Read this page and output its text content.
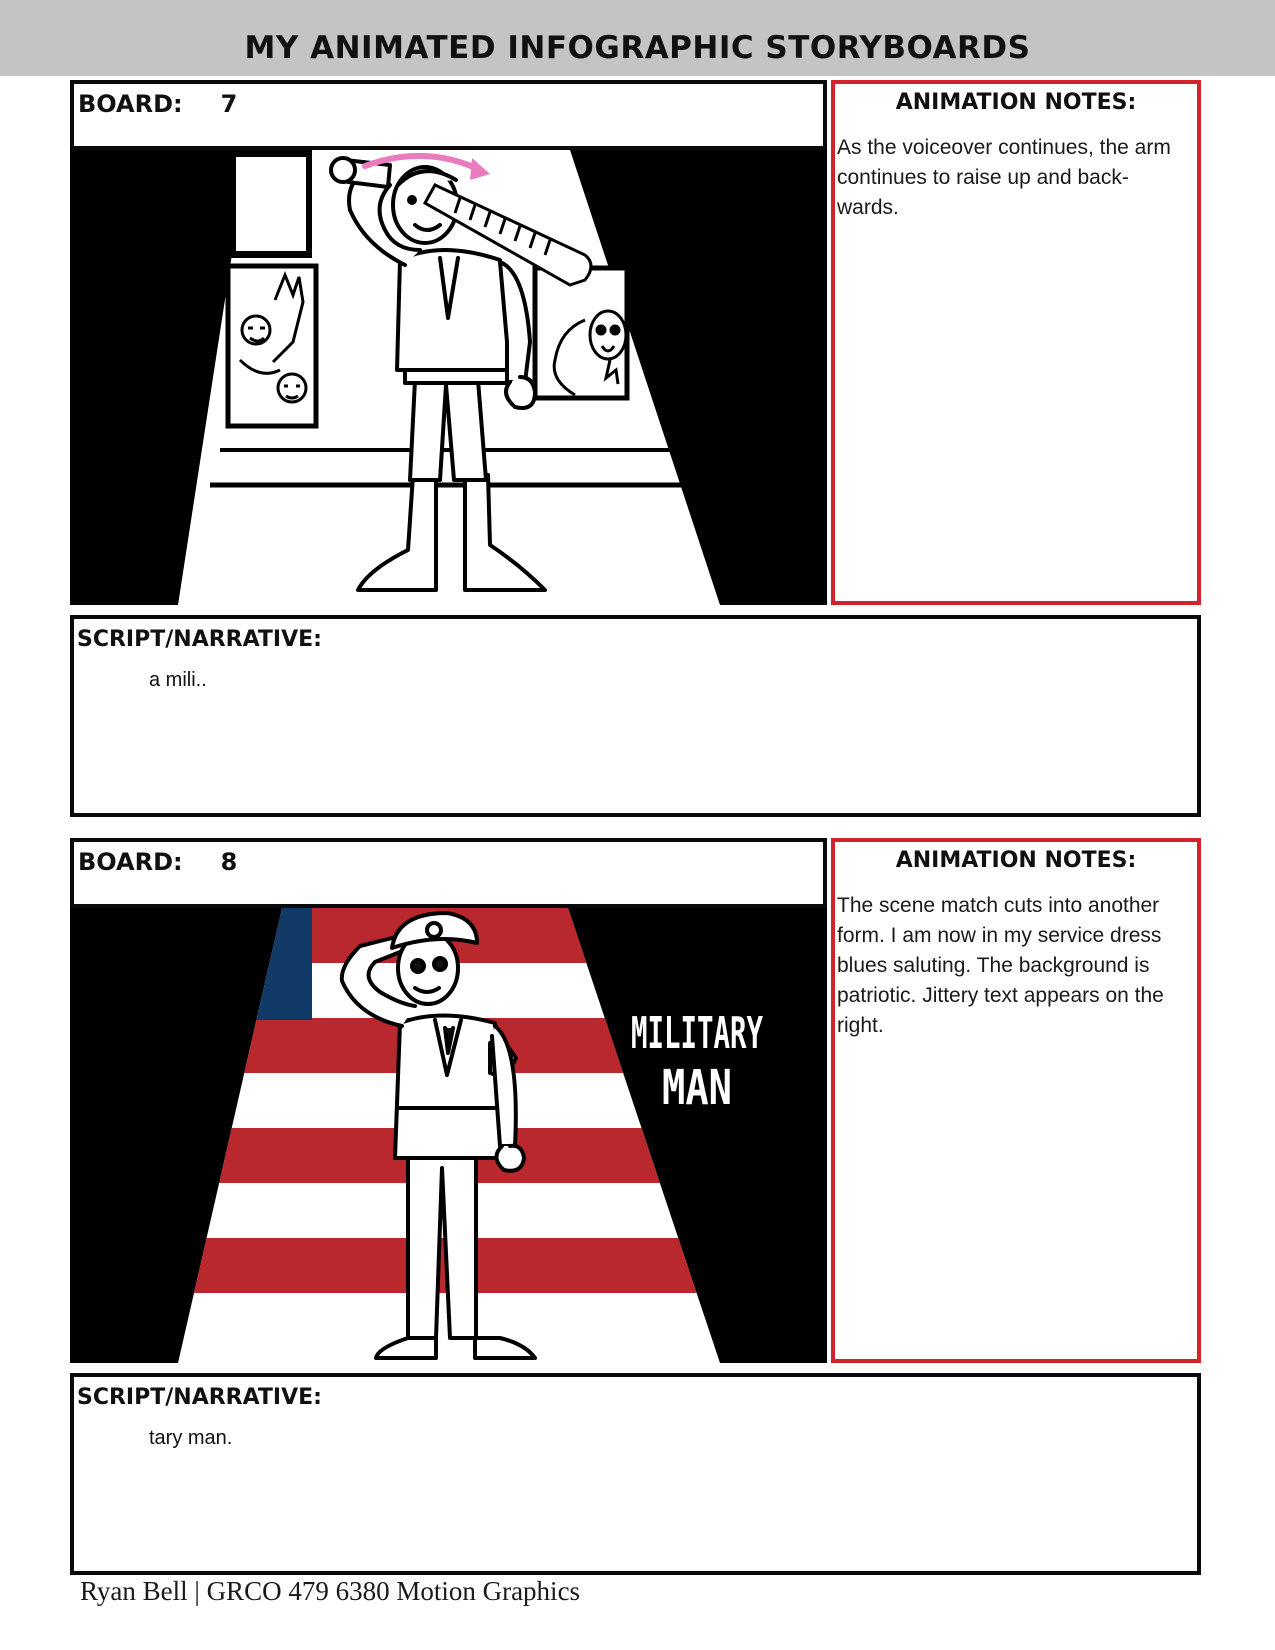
MY ANIMATED INFOGRAPHIC STORYBOARDS
BOARD: 7	ANIMATION NOTES:
As the voiceover continues, the arm continues to raise up and back-wards.
SCRIPT/NARRATIVE:
a mili..
BOARD: 8
MILITARY
MAN
ANIMATION NOTES:
The scene match cuts into another form. I am now in my service dress blues saluting. The background is patriotic. Jittery text appears on the right.
SCRIPT/NARRATIVE:
tary man.
Ryan Bell | GRCO 479 6380 Motion Graphics
